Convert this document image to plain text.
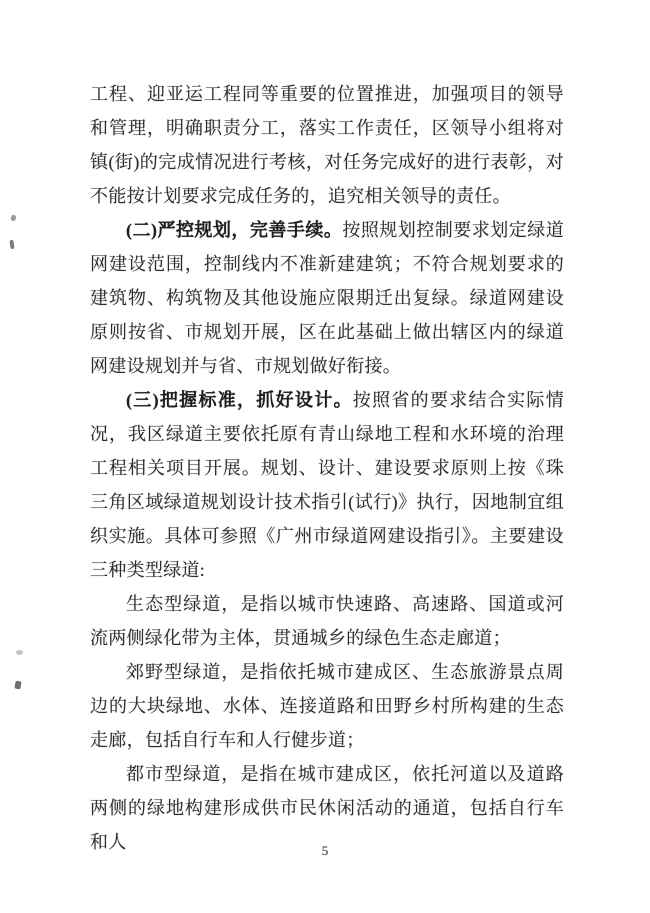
工程、迎亚运工程同等重要的位置推进，加强项目的领导和管理，明确职责分工，落实工作责任，区领导小组将对镇(街)的完成情况进行考核，对任务完成好的进行表彰，对不能按计划要求完成任务的，追究相关领导的责任。

(二)严控规划，完善手续。按照规划控制要求划定绿道网建设范围，控制线内不准新建建筑；不符合规划要求的建筑物、构筑物及其他设施应限期迁出复绿。绿道网建设原则按省、市规划开展，区在此基础上做出辖区内的绿道网建设规划并与省、市规划做好衔接。

(三)把握标准，抓好设计。按照省的要求结合实际情况，我区绿道主要依托原有青山绿地工程和水环境的治理工程相关项目开展。规划、设计、建设要求原则上按《珠三角区域绿道规划设计技术指引(试行)》执行，因地制宜组织实施。具体可参照《广州市绿道网建设指引》。主要建设三种类型绿道:

生态型绿道，是指以城市快速路、高速路、国道或河流两侧绿化带为主体，贯通城乡的绿色生态走廊道；

郊野型绿道，是指依托城市建成区、生态旅游景点周边的大块绿地、水体、连接道路和田野乡村所构建的生态走廊，包括自行车和人行健步道；

都市型绿道，是指在城市建成区，依托河道以及道路两侧的绿地构建形成供市民休闲活动的通道，包括自行车和人	5
